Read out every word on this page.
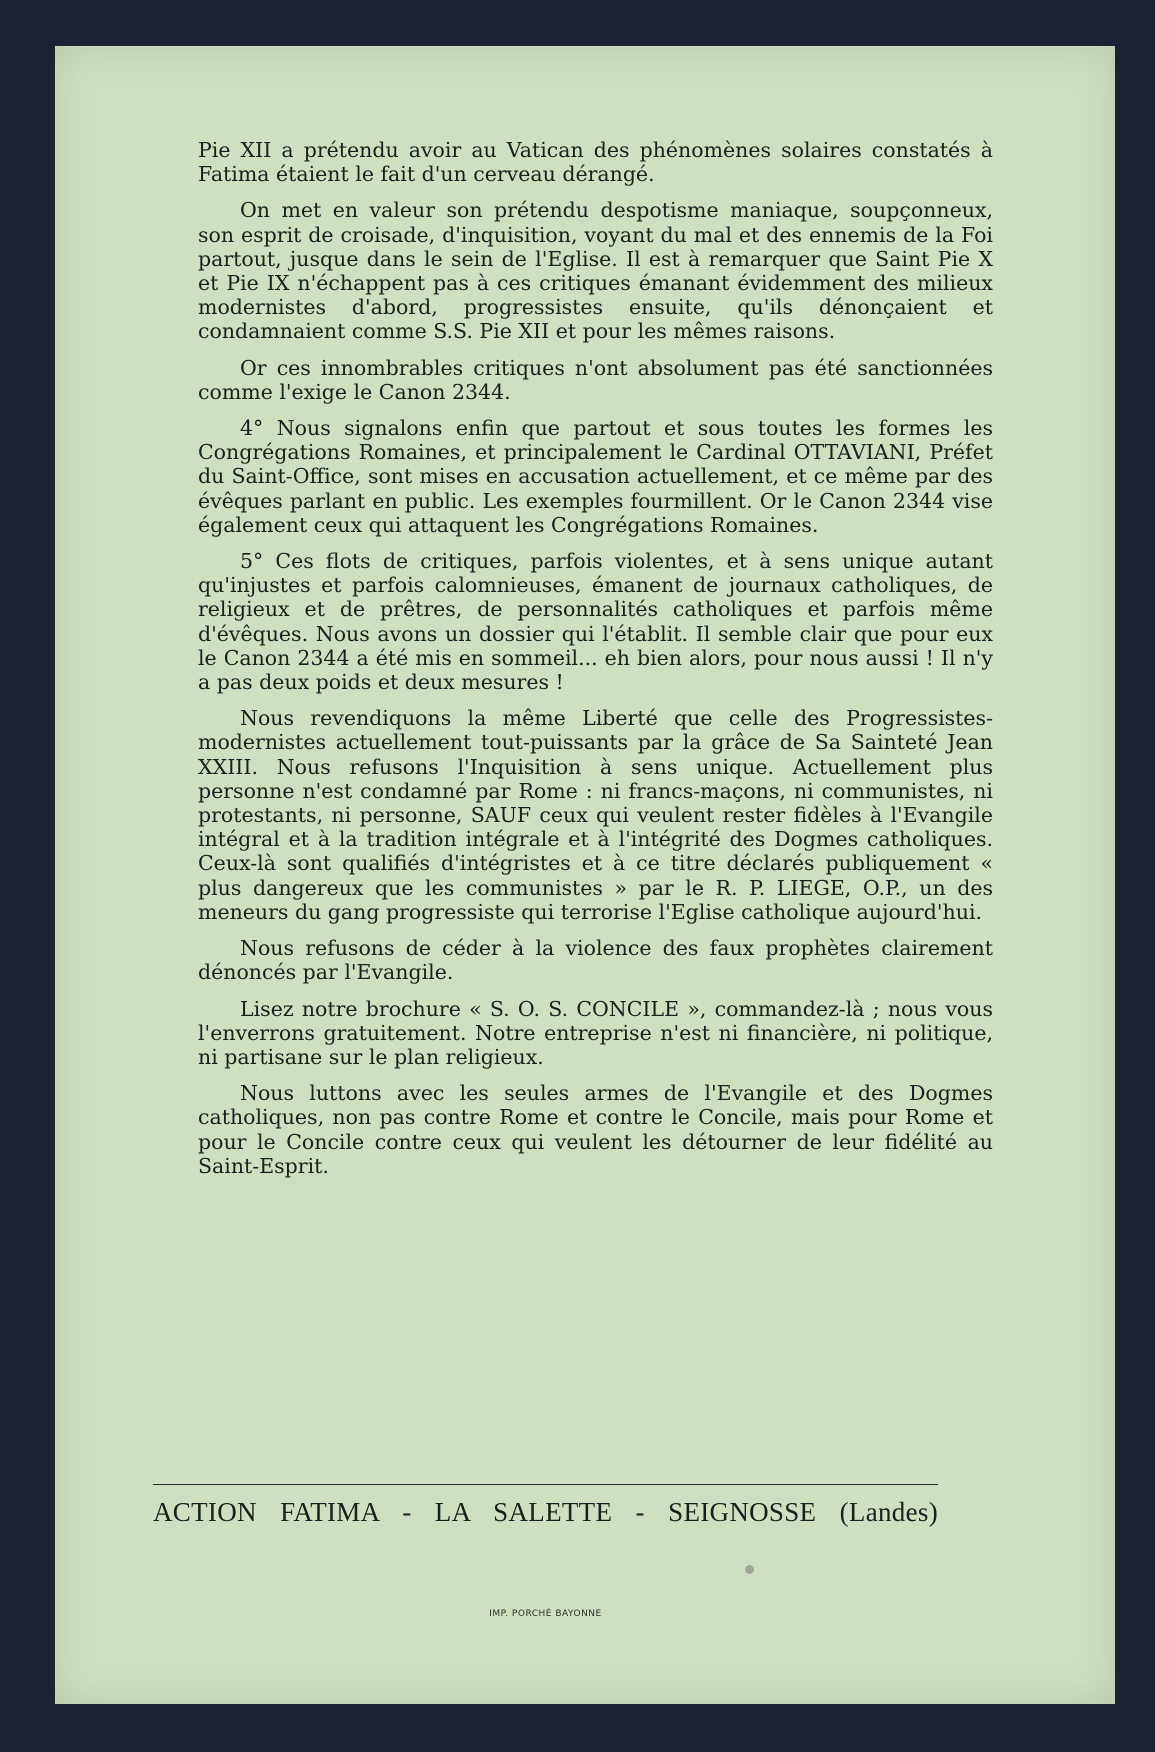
Pie XII a prétendu avoir au Vatican des phénomènes solaires constatés à Fatima étaient le fait d'un cerveau dérangé.

On met en valeur son prétendu despotisme maniaque, soupçonneux, son esprit de croisade, d'inquisition, voyant du mal et des ennemis de la Foi partout, jusque dans le sein de l'Eglise. Il est à remarquer que Saint Pie X et Pie IX n'échappent pas à ces critiques émanant évidemment des milieux modernistes d'abord, progressistes ensuite, qu'ils dénonçaient et condamnaient comme S.S. Pie XII et pour les mêmes raisons.

Or ces innombrables critiques n'ont absolument pas été sanctionnées comme l'exige le Canon 2344.

4° Nous signalons enfin que partout et sous toutes les formes les Congrégations Romaines, et principalement le Cardinal OTTAVIANI, Préfet du Saint-Office, sont mises en accusation actuellement, et ce même par des évêques parlant en public. Les exemples fourmillent. Or le Canon 2344 vise également ceux qui attaquent les Congrégations Romaines.

5° Ces flots de critiques, parfois violentes, et à sens unique autant qu'injustes et parfois calomnieuses, émanent de journaux catholiques, de religieux et de prêtres, de personnalités catholiques et parfois même d'évêques. Nous avons un dossier qui l'établit. Il semble clair que pour eux le Canon 2344 a été mis en sommeil... eh bien alors, pour nous aussi ! Il n'y a pas deux poids et deux mesures !

Nous revendiquons la même Liberté que celle des Progressistes-modernistes actuellement tout-puissants par la grâce de Sa Sainteté Jean XXIII. Nous refusons l'Inquisition à sens unique. Actuellement plus personne n'est condamné par Rome : ni francs-maçons, ni communistes, ni protestants, ni personne, SAUF ceux qui veulent rester fidèles à l'Evangile intégral et à la tradition intégrale et à l'intégrité des Dogmes catholiques. Ceux-là sont qualifiés d'intégristes et à ce titre déclarés publiquement « plus dangereux que les communistes » par le R. P. LIEGE, O.P., un des meneurs du gang progressiste qui terrorise l'Eglise catholique aujourd'hui.

Nous refusons de céder à la violence des faux prophètes clairement dénoncés par l'Evangile.

Lisez notre brochure « S. O. S. CONCILE », commandez-là ; nous vous l'enverrons gratuitement. Notre entreprise n'est ni financière, ni politique, ni partisane sur le plan religieux.

Nous luttons avec les seules armes de l'Evangile et des Dogmes catholiques, non pas contre Rome et contre le Concile, mais pour Rome et pour le Concile contre ceux qui veulent les détourner de leur fidélité au Saint-Esprit.

ACTION FATIMA - LA SALETTE - SEIGNOSSE (Landes)
IMP. PORCHÉ BAYONNE
